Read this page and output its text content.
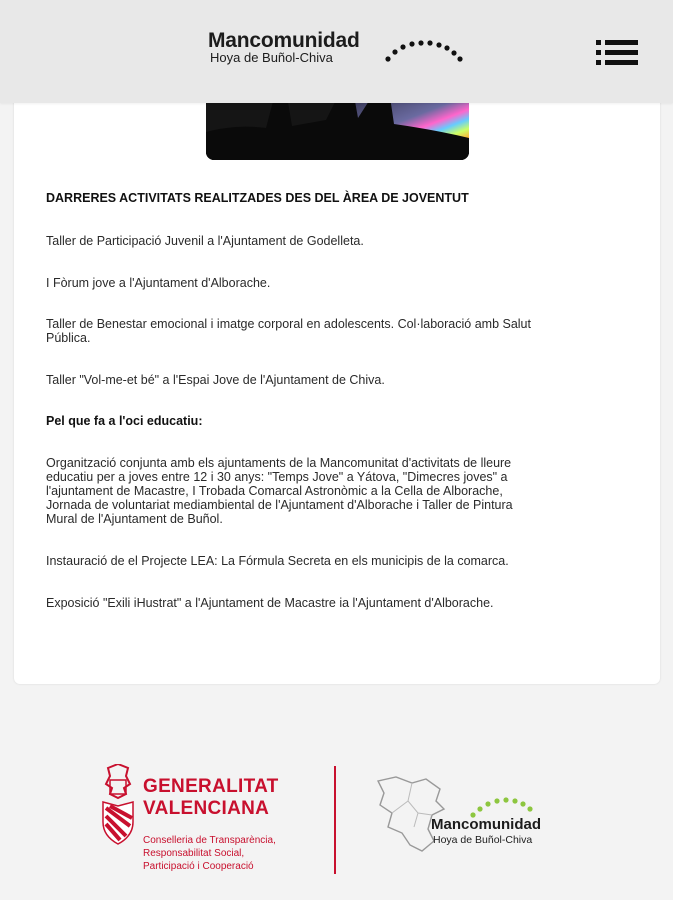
Mancomunidad
Hoya de Buñol-Chiva

DARRERES ACTIVITATS REALITZADES DES DEL ÀREA DE JOVENTUT

Taller de Participació Juvenil a l'Ajuntament de Godelleta.

I Fòrum jove a l'Ajuntament d'Alborache.

Taller de Benestar emocional i imatge corporal en adolescents. Col·laboració amb Salut

Pública.

Taller "Vol-me-et bé" a l'Espai Jove de l'Ajuntament de Chiva.

Pel que fa a l'oci educatiu:

Organització conjunta amb els ajuntaments de la Mancomunitat d'activitats de lleure

educatiu per a joves entre 12 i 30 anys: "Temps Jove" a Yátova, "Dimecres joves" a

l'ajuntament de Macastre, I Trobada Comarcal Astronòmic a la Cella de Alborache,

Jornada de voluntariat mediambiental de l'Ajuntament d'Alborache i Taller de Pintura

Mural de l'Ajuntament de Buñol.

Instauració de el Projecte LEA: La Fórmula Secreta en els municipis de la comarca.

Exposició "Exili iHustrat" a l'Ajuntament de Macastre ia l'Ajuntament d'Alborache.

GENERALITAT
VALENCIANA
Conselleria de Transparència,
Responsabilitat Social,
Participació i Cooperació
Mancomunidad
Hoya de Buñol-Chiva
